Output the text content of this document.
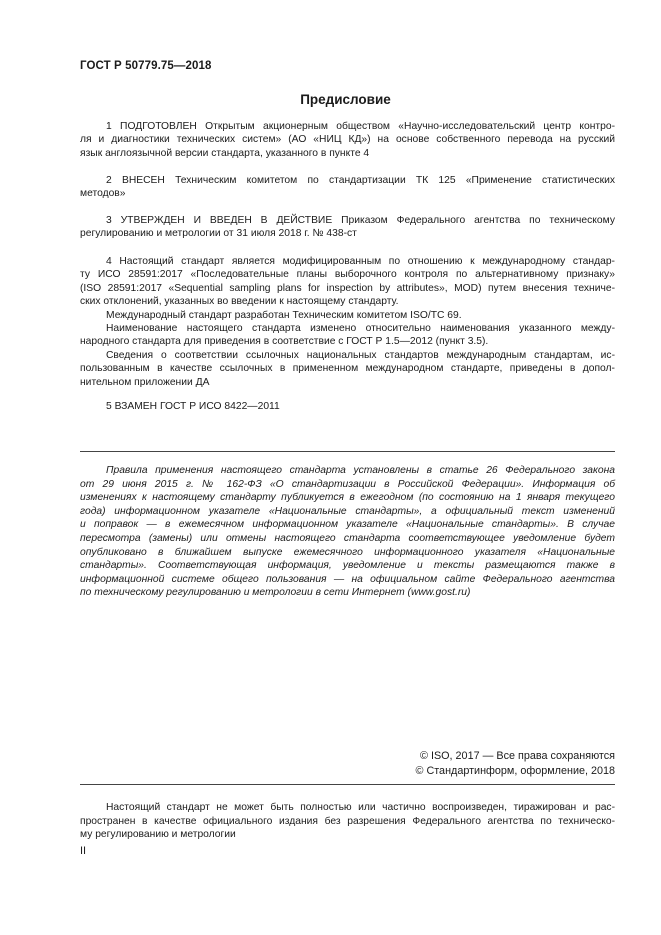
ГОСТ Р 50779.75—2018
Предисловие
1 ПОДГОТОВЛЕН Открытым акционерным обществом «Научно-исследовательский центр контро-
ля и диагностики технических систем» (АО «НИЦ КД») на основе собственного перевода на русский
язык англоязычной версии стандарта, указанного в пункте 4
2 ВНЕСЕН Техническим комитетом по стандартизации ТК 125 «Применение статистических
методов»
3 УТВЕРЖДЕН И ВВЕДЕН В ДЕЙСТВИЕ Приказом Федерального агентства по техническому
регулированию и метрологии от 31 июля 2018 г. № 438-ст
4 Настоящий стандарт является модифицированным по отношению к международному стандар-
ту ИСО 28591:2017 «Последовательные планы выборочного контроля по альтернативному признаку»
(ISO 28591:2017 «Sequential sampling plans for inspection by attributes», MOD) путем внесения техниче-
ских отклонений, указанных во введении к настоящему стандарту.
Международный стандарт разработан Техническим комитетом ISO/TC 69.
Наименование настоящего стандарта изменено относительно наименования указанного между-
народного стандарта для приведения в соответствие с ГОСТ Р 1.5—2012 (пункт 3.5).
Сведения о соответствии ссылочных национальных стандартов международным стандартам, ис-
пользованным в качестве ссылочных в примененном международном стандарте, приведены в допол-
нительном приложении ДА
5 ВЗАМЕН ГОСТ Р ИСО 8422—2011
Правила применения настоящего стандарта установлены в статье 26 Федерального закона
от 29 июня 2015 г. № 162-ФЗ «О стандартизации в Российской Федерации». Информация об
изменениях к настоящему стандарту публикуется в ежегодном (по состоянию на 1 января текущего
года) информационном указателе «Национальные стандарты», а официальный текст изменений
и поправок — в ежемесячном информационном указателе «Национальные стандарты». В случае
пересмотра (замены) или отмены настоящего стандарта соответствующее уведомление будет
опубликовано в ближайшем выпуске ежемесячного информационного указателя «Национальные
стандарты». Соответствующая информация, уведомление и тексты размещаются также в
информационной системе общего пользования — на официальном сайте Федерального агентства
по техническому регулированию и метрологии в сети Интернет (www.gost.ru)
© ISO, 2017 — Все права сохраняются
© Стандартинформ, оформление, 2018
Настоящий стандарт не может быть полностью или частично воспроизведен, тиражирован и рас-
пространен в качестве официального издания без разрешения Федерального агентства по техническо-
му регулированию и метрологии
II
